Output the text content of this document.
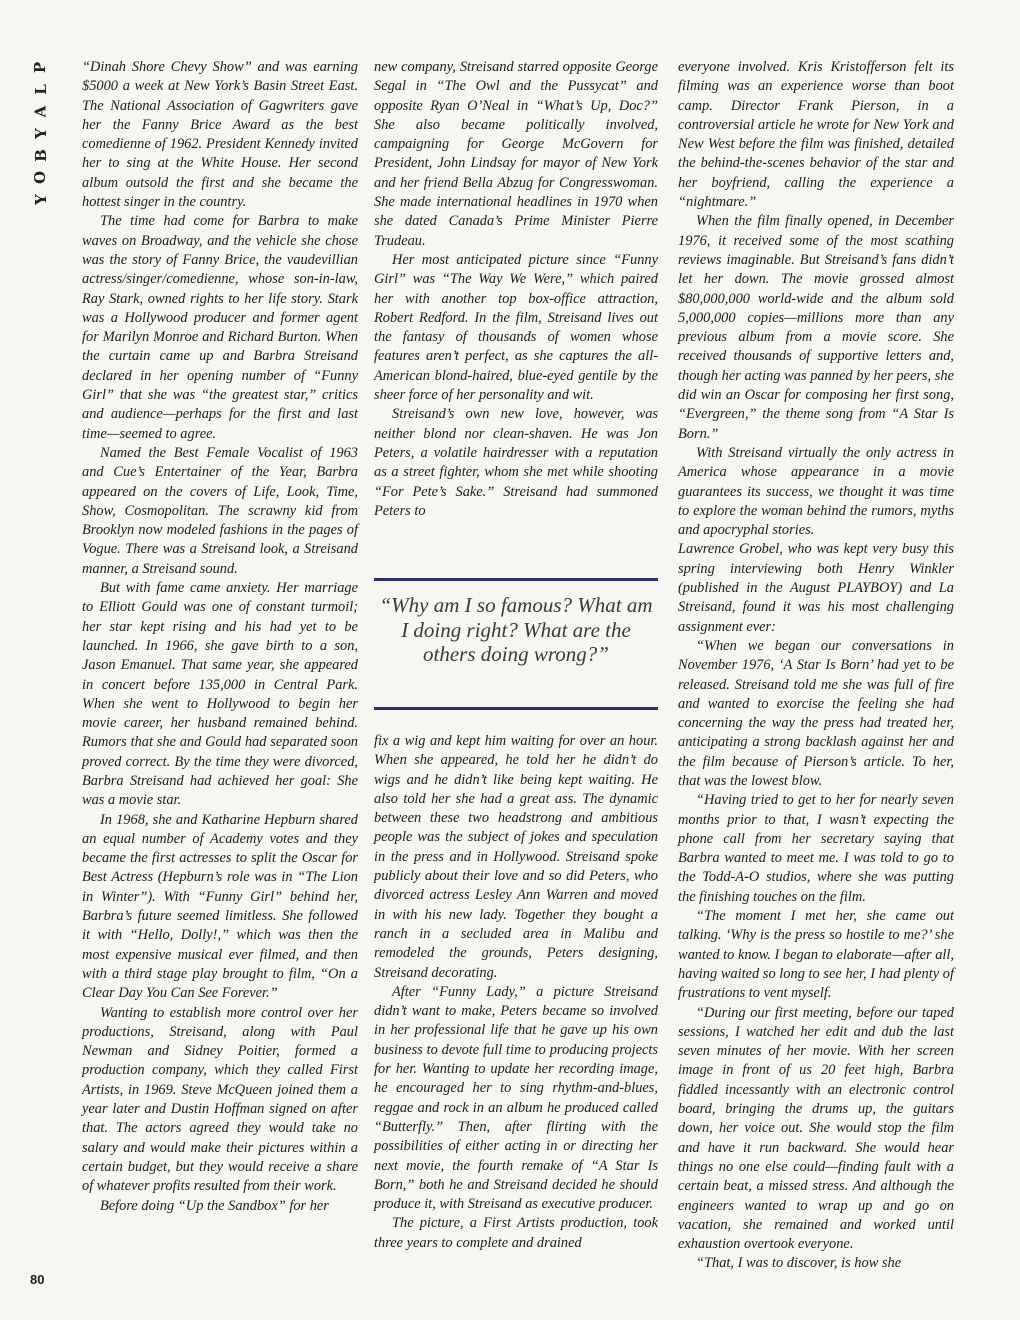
P
L
A
Y
B
O
Y

“Dinah Shore Chevy Show” and was earning $5000 a week at New York’s Basin Street East. The National Association of Gagwriters gave her the Fanny Brice Award as the best comedienne of 1962. President Kennedy invited her to sing at the White House. Her second album outsold the first and she became the hottest singer in the country.

The time had come for Barbra to make waves on Broadway, and the vehicle she chose was the story of Fanny Brice, the vaudevillian actress/singer/comedienne, whose son-in-law, Ray Stark, owned rights to her life story. Stark was a Hollywood producer and former agent for Marilyn Monroe and Richard Burton. When the curtain came up and Barbra Streisand declared in her opening number of “Funny Girl” that she was “the greatest star,” critics and audience—perhaps for the first and last time—seemed to agree.

Named the Best Female Vocalist of 1963 and Cue’s Entertainer of the Year, Barbra appeared on the covers of Life, Look, Time, Show, Cosmopolitan. The scrawny kid from Brooklyn now modeled fashions in the pages of Vogue. There was a Streisand look, a Streisand manner, a Streisand sound.

But with fame came anxiety. Her marriage to Elliott Gould was one of constant turmoil; her star kept rising and his had yet to be launched. In 1966, she gave birth to a son, Jason Emanuel. That same year, she appeared in concert before 135,000 in Central Park. When she went to Hollywood to begin her movie career, her husband remained behind. Rumors that she and Gould had separated soon proved correct. By the time they were divorced, Barbra Streisand had achieved her goal: She was a movie star.

In 1968, she and Katharine Hepburn shared an equal number of Academy votes and they became the first actresses to split the Oscar for Best Actress (Hepburn’s role was in “The Lion in Winter”). With “Funny Girl” behind her, Barbra’s future seemed limitless. She followed it with “Hello, Dolly!,” which was then the most expensive musical ever filmed, and then with a third stage play brought to film, “On a Clear Day You Can See Forever.”

Wanting to establish more control over her productions, Streisand, along with Paul Newman and Sidney Poitier, formed a production company, which they called First Artists, in 1969. Steve McQueen joined them a year later and Dustin Hoffman signed on after that. The actors agreed they would take no salary and would make their pictures within a certain budget, but they would receive a share of whatever profits resulted from their work.

Before doing “Up the Sandbox” for her

new company, Streisand starred opposite George Segal in “The Owl and the Pussycat” and opposite Ryan O’Neal in “What’s Up, Doc?” She also became politically involved, campaigning for George McGovern for President, John Lindsay for mayor of New York and her friend Bella Abzug for Congresswoman. She made international headlines in 1970 when she dated Canada’s Prime Minister Pierre Trudeau.

Her most anticipated picture since “Funny Girl” was “The Way We Were,” which paired her with another top box-office attraction, Robert Redford. In the film, Streisand lives out the fantasy of thousands of women whose features aren’t perfect, as she captures the all-American blond-haired, blue-eyed gentile by the sheer force of her personality and wit.

Streisand’s own new love, however, was neither blond nor clean-shaven. He was Jon Peters, a volatile hairdresser with a reputation as a street fighter, whom she met while shooting “For Pete’s Sake.” Streisand had summoned Peters to

“Why am I so famous? What am I doing right? What are the others doing wrong?”

fix a wig and kept him waiting for over an hour. When she appeared, he told her he didn’t do wigs and he didn’t like being kept waiting. He also told her she had a great ass. The dynamic between these two headstrong and ambitious people was the subject of jokes and speculation in the press and in Hollywood. Streisand spoke publicly about their love and so did Peters, who divorced actress Lesley Ann Warren and moved in with his new lady. Together they bought a ranch in a secluded area in Malibu and remodeled the grounds, Peters designing, Streisand decorating.

After “Funny Lady,” a picture Streisand didn’t want to make, Peters became so involved in her professional life that he gave up his own business to devote full time to producing projects for her. Wanting to update her recording image, he encouraged her to sing rhythm-and-blues, reggae and rock in an album he produced called “Butterfly.” Then, after flirting with the possibilities of either acting in or directing her next movie, the fourth remake of “A Star Is Born,” both he and Streisand decided he should produce it, with Streisand as executive producer.

The picture, a First Artists production, took three years to complete and drained

everyone involved. Kris Kristofferson felt its filming was an experience worse than boot camp. Director Frank Pierson, in a controversial article he wrote for New York and New West before the film was finished, detailed the behind-the-scenes behavior of the star and her boyfriend, calling the experience a “nightmare.”

When the film finally opened, in December 1976, it received some of the most scathing reviews imaginable. But Streisand’s fans didn’t let her down. The movie grossed almost $80,000,000 world-wide and the album sold 5,000,000 copies—millions more than any previous album from a movie score. She received thousands of supportive letters and, though her acting was panned by her peers, she did win an Oscar for composing her first song, “Evergreen,” the theme song from “A Star Is Born.”

With Streisand virtually the only actress in America whose appearance in a movie guarantees its success, we thought it was time to explore the woman behind the rumors, myths and apocryphal stories.

Lawrence Grobel, who was kept very busy this spring interviewing both Henry Winkler (published in the August PLAYBOY) and La Streisand, found it was his most challenging assignment ever:

“When we began our conversations in November 1976, ‘A Star Is Born’ had yet to be released. Streisand told me she was full of fire and wanted to exorcise the feeling she had concerning the way the press had treated her, anticipating a strong backlash against her and the film because of Pierson’s article. To her, that was the lowest blow.

“Having tried to get to her for nearly seven months prior to that, I wasn’t expecting the phone call from her secretary saying that Barbra wanted to meet me. I was told to go to the Todd-A-O studios, where she was putting the finishing touches on the film.

“The moment I met her, she came out talking. ‘Why is the press so hostile to me?’ she wanted to know. I began to elaborate—after all, having waited so long to see her, I had plenty of frustrations to vent myself.

“During our first meeting, before our taped sessions, I watched her edit and dub the last seven minutes of her movie. With her screen image in front of us 20 feet high, Barbra fiddled incessantly with an electronic control board, bringing the drums up, the guitars down, her voice out. She would stop the film and have it run backward. She would hear things no one else could—finding fault with a certain beat, a missed stress. And although the engineers wanted to wrap up and go on vacation, she remained and worked until exhaustion overtook everyone.

“That, I was to discover, is how she

80
